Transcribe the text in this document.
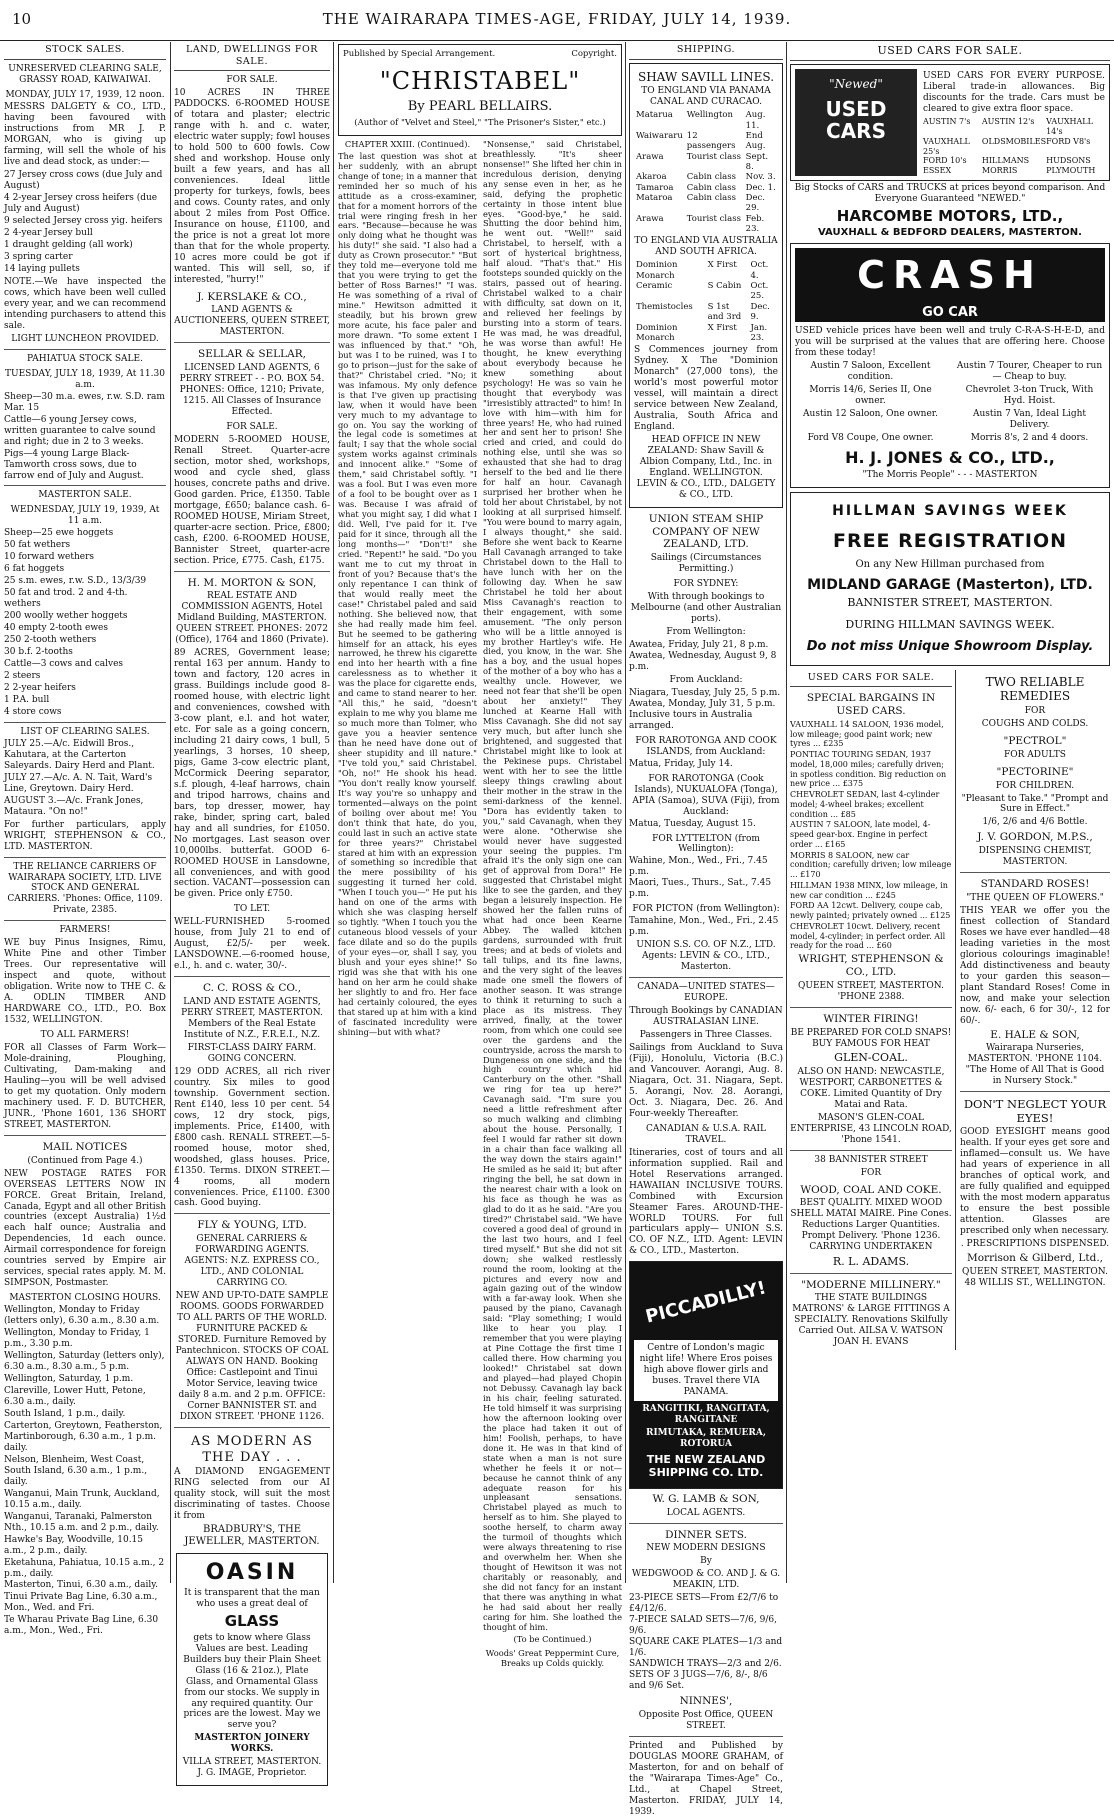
10	THE WAIRARAPA TIMES-AGE, FRIDAY, JULY 14, 1939.
STOCK SALES.
UNRESERVED CLEARING SALE, GRASSY ROAD, KAIWAIWAI.
MONDAY, JULY 17, 1939, 12 noon.
MESSRS DALGETY & CO., LTD., having been favoured with instructions from MR J. P. MORGAN, who is giving up farming, will sell the whole of his live and dead stock, as under:—
27 Jersey cross cows (due July and August)
4 2-year Jersey cross heifers (due July and August)
9 selected Jersey cross yig. heifers
2 4-year Jersey bull
1 draught gelding (all work)
3 spring carter
14 laying pullets
NOTE.—We have inspected the cows, which have been well culled every year, and we can recommend intending purchasers to attend this sale.
LIGHT LUNCHEON PROVIDED.
PAHIATUA STOCK SALE.
TUESDAY, JULY 18, 1939, At 11.30 a.m.
Sheep—30 m.a. ewes, r.w. S.D. ram Mar. 15
Cattle—6 young Jersey cows, written guarantee to calve sound and right; due in 2 to 3 weeks.
Pigs—4 young Large Black-Tamworth cross sows, due to farrow end of July and August.
MASTERTON SALE.
WEDNESDAY, JULY 19, 1939, At 11 a.m.
Sheep—25 ewe hoggets
50 fat wethers
10 forward wethers
6 fat hoggets
25 s.m. ewes, r.w. S.D., 13/3/39
50 fat and trod. 2 and 4-th. wethers
200 woolly wether hoggets
40 empty 2-tooth ewes
250 2-tooth wethers
30 b.f. 2-tooths
Cattle—3 cows and calves
2 steers
2 2-year heifers
1 P.A. bull
4 store cows
LIST OF CLEARING SALES.
JULY 25.—A/c. Eidwill Bros., Kahutara, at the Carterton Saleyards. Dairy Herd and Plant.
JULY 27.—A/c. A. N. Tait, Ward's Line, Greytown. Dairy Herd.
AUGUST 3.—A/c. Frank Jones, Mataura. "On no!"
For further particulars, apply WRIGHT, STEPHENSON & CO., LTD. MASTERTON.
THE RELIANCE CARRIERS OF WAIRARAPA SOCIETY, LTD. LIVE STOCK AND GENERAL CARRIERS. 'Phones: Office, 1109. Private, 2385.
FARMERS!
WE buy Pinus Insignes, Rimu, White Pine and other Timber Trees. Our representative will inspect and quote, without obligation. Write now to THE C. & A. ODLIN TIMBER AND HARDWARE CO., LTD., P.O. Box 1532, WELLINGTON.
TO ALL FARMERS!
FOR all Classes of Farm Work—Mole-draining, Ploughing, Cultivating, Dam-making and Hauling—you will be well advised to get my quotation. Only modern machinery used. F. D. BUTCHER, JUNR., 'Phone 1601, 136 SHORT STREET, MASTERTON.
MAIL NOTICES
(Continued from Page 4.)
NEW POSTAGE RATES FOR OVERSEAS LETTERS NOW IN FORCE. Great Britain, Ireland, Canada, Egypt and all other British countries (except Australia) 1½d each half ounce; Australia and Dependencies, 1d each ounce. Airmail correspondence for foreign countries served by Empire air services, special rates apply. M. M. SIMPSON, Postmaster.
MASTERTON CLOSING HOURS.
Wellington, Monday to Friday (letters only), 6.30 a.m., 8.30 a.m.
Wellington, Monday to Friday, 1 p.m., 3.30 p.m.
Wellington, Saturday (letters only), 6.30 a.m., 8.30 a.m., 5 p.m.
Wellington, Saturday, 1 p.m.
Clareville, Lower Hutt, Petone, 6.30 a.m., daily.
South Island, 1 p.m., daily.
Carterton, Greytown, Featherston, Martinborough, 6.30 a.m., 1 p.m. daily.
Nelson, Blenheim, West Coast, South Island, 6.30 a.m., 1 p.m., daily.
Wanganui, Main Trunk, Auckland, 10.15 a.m., daily.
Wanganui, Taranaki, Palmerston Nth., 10.15 a.m. and 2 p.m., daily.
Hawke's Bay, Woodville, 10.15 a.m., 2 p.m., daily.
Eketahuna, Pahiatua, 10.15 a.m., 2 p.m., daily.
Masterton, Tinui, 6.30 a.m., daily.
Tinui Private Bag Line, 6.30 a.m., Mon., Wed. and Fri.
Te Wharau Private Bag Line, 6.30 a.m., Mon., Wed., Fri.
LAND, DWELLINGS FOR SALE.
FOR SALE.
10 ACRES IN THREE PADDOCKS. 6-ROOMED HOUSE of totara and plaster; electric range with h. and c. water, electric water supply; fowl houses to hold 500 to 600 fowls. Cow shed and workshop. House only built a few years, and has all conveniences. Ideal little property for turkeys, fowls, bees and cows. County rates, and only about 2 miles from Post Office. Insurance on house, £1100, and the price is not a great lot more than that for the whole property. 10 acres more could be got if wanted. This will sell, so, if interested, "hurry!"
J. KERSLAKE & CO.,
LAND AGENTS & AUCTIONEERS, QUEEN STREET, MASTERTON.
SELLAR & SELLAR,
LICENSED LAND AGENTS, 6 PERRY STREET - - P.O. BOX 54. PHONES: Office, 1210; Private, 1215. All Classes of Insurance Effected.
FOR SALE.
MODERN 5-ROOMED HOUSE, Renall Street. Quarter-acre section, motor shed, workshops, wood and cycle shed, glass houses, concrete paths and drive. Good garden. Price, £1350. Table mortgage, £650; balance cash. 6-ROOMED HOUSE, Miriam Street, quarter-acre section. Price, £800; cash, £200. 6-ROOMED HOUSE, Bannister Street, quarter-acre section. Price, £775. Cash, £175.
H. M. MORTON & SON,
REAL ESTATE AND COMMISSION AGENTS, Hotel Midland Building, MASTERTON. QUEEN STREET. PHONES: 2072 (Office), 1764 and 1860 (Private).
89 ACRES, Government lease; rental 163 per annum. Handy to town and factory, 120 acres in grass. Buildings include good 8-roomed house, with electric light and conveniences, cowshed with 3-cow plant, e.l. and hot water, etc. For sale as a going concern, including 21 dairy cows, 1 bull, 5 yearlings, 3 horses, 10 sheep, pigs, Game 3-cow electric plant, McCormick Deering separator, s.f. plough, 4-leaf harrows, chain and tripod harrows, chains and bars, top dresser, mower, hay rake, binder, spring cart, baled hay and all sundries, for £1050. No mortgages. Last season over 10,000lbs. butterfat. GOOD 6-ROOMED HOUSE in Lansdowne, all conveniences, and with good section. VACANT—possession can be given. Price only £750.
TO LET.
WELL-FURNISHED 5-roomed house, from July 21 to end of August, £2/5/- per week. LANSDOWNE.—6-roomed house, e.l., h. and c. water, 30/-.
C. C. ROSS & CO.,
LAND AND ESTATE AGENTS, PERRY STREET, MASTERTON. Members of the Real Estate Institute of N.Z., F.R.E.I., N.Z.
FIRST-CLASS DAIRY FARM. GOING CONCERN.
129 ODD ACRES, all rich river country. Six miles to good township. Government section. Rent £140, less 10 per cent. 54 cows, 12 dry stock, pigs, implements. Price, £1400, with £800 cash. RENALL STREET.—5-roomed house, motor shed, woodshed, glass houses. Price, £1350. Terms. DIXON STREET.—4 rooms, all modern conveniences. Price, £1100. £300 cash. Good buying.
FLY & YOUNG, LTD.
GENERAL CARRIERS & FORWARDING AGENTS. AGENTS: N.Z. EXPRESS CO., LTD., AND COLONIAL CARRYING CO.
NEW AND UP-TO-DATE SAMPLE ROOMS. GOODS FORWARDED TO ALL PARTS OF THE WORLD. FURNITURE PACKED & STORED. Furniture Removed by Pantechnicon. STOCKS OF COAL ALWAYS ON HAND. Booking Office: Castlepoint and Tinui Motor Service, leaving twice daily 8 a.m. and 2 p.m. OFFICE: Corner BANNISTER ST. and DIXON STREET. 'PHONE 1126.
AS MODERN AS THE DAY . . .
A DIAMOND ENGAGEMENT RING selected from our AI quality stock, will suit the most discriminating of tastes. Choose it from
BRADBURY'S, THE JEWELLER, MASTERTON.
OASIN
It is transparent that the man who uses a great deal of
GLASS
gets to know where Glass Values are best. Leading Builders buy their Plain Sheet Glass (16 & 21oz.), Plate Glass, and Ornamental Glass from our stocks. We supply in any required quantity. Our prices are the lowest. May we serve you?
MASTERTON JOINERY WORKS.
VILLA STREET, MASTERTON. J. G. IMAGE, Proprietor.
Published by Special Arrangement.	Copyright.
"CHRISTABEL"
By PEARL BELLAIRS.
(Author of "Velvet and Steel," "The Prisoner's Sister," etc.)
CHAPTER XXIII. (Continued).
The last question was shot at her suddenly, with an abrupt change of tone; in a manner that reminded her so much of his attitude as a cross-examiner, that for a moment horrors of the trial were ringing fresh in her ears. "Because—because he was only doing what he thought was his duty!" she said. "I also had a duty as Crown prosecutor." "But they told me—everyone told me that you were trying to get the better of Ross Barnes!" "I was. He was something of a rival of mine." Hewitson admitted it steadily, but his brown grew more acute, his face paler and more drawn. "To some extent I was influenced by that." "Oh, but was I to be ruined, was I to go to prison—just for the sake of that?" Christabel cried. "No; it was infamous. My only defence is that I've given up practising law, when it would have been very much to my advantage to go on. You say the working of the legal code is sometimes at fault; I say that the whole social system works against criminals and innocent alike." "Some of them," said Christabel softly. "I was a fool. But I was even more of a fool to be bought over as I was. Because I was afraid of what you might say, I did what I did. Well, I've paid for it. I've paid for it since, through all the long months—" "Don't!" she cried. "Repent!" he said. "Do you want me to cut my throat in front of you? Because that's the only repentance I can think of that would really meet the case!" Christabel paled and said nothing. She believed now, that she had really made him feel. But he seemed to be gathering himself for an attack, his eyes narrowed, he threw his cigarette end into her hearth with a fine carelessness as to whether it was the place for cigarette ends, and came to stand nearer to her. "All this," he said, "doesn't explain to me why you blame me so much more than Tolmer, who gave you a heavier sentence than he need have done out of sheer stupidity and ill nature." "I've told you," said Christabel. "Oh, no!" He shook his head. "You don't really know yourself. It's way you're so unhappy and tormented—always on the point of boiling over about me! You don't think that hate, do you, could last in such an active state for three years?" Christabel stared at him with an expression of something so incredible that the mere possibility of his suggesting it turned her cold. "When I touch you—" He put his hand on one of the arms with which she was clasping herself so tightly. "When I touch you the cutaneous blood vessels of your face dilate and so do the pupils of your eyes—or, shall I say, you blush and your eyes shine!" So rigid was she that with his one hand on her arm he could shake her slightly to and fro. Her face had certainly coloured, the eyes that stared up at him with a kind of fascinated incredulity were shining—but with what?
"Nonsense," said Christabel, breathlessly. "It's sheer nonsense!" She lifted her chin in incredulous derision, denying any sense even in her, as he said, defying the prophetic certainty in those intent blue eyes. "Good-bye," he said. Shutting the door behind him, he went out. "Well!" said Christabel, to herself, with a sort of hysterical brightness, half aloud. "That's that." His footsteps sounded quickly on the stairs, passed out of hearing. Christabel walked to a chair with difficulty, sat down on it, and relieved her feelings by bursting into a storm of tears. He was mad, he was dreadful, he was worse than awful! He thought, he knew everything about everybody because he knew something about psychology! He was so vain he thought that everybody was "irresistibly attracted" to him! In love with him—with him for three years! He, who had ruined her and sent her to prison! She cried and cried, and could do nothing else, until she was so exhausted that she had to drag herself to the bed and lie there for half an hour. Cavanagh surprised her brother when he told her about Christabel, by not looking at all surprised himself. "You were bound to marry again, I always thought," she said. Before she went back to Kearne Hall Cavanagh arranged to take Christabel down to the Hall to have lunch with her on the following day. When he saw Christabel he told her about Miss Cavanagh's reaction to their engagement, with some amusement. "The only person who will be a little annoyed is my brother Hartley's wife. He died, you know, in the war. She has a boy, and the usual hopes of the mother of a boy who has a wealthy uncle. However, we need not fear that she'll be open about her anxiety!" They lunched at Kearne Hall with Miss Cavanagh. She did not say very much, but after lunch she brightened, and suggested that Christabel might like to look at the Pekinese pups. Christabel went with her to see the little sleepy things crawling about their mother in the straw in the semi-darkness of the kennel. "Dora has evidently taken to you," said Cavanagh, when they were alone. "Otherwise she would never have suggested your seeing the puppies. I'm afraid it's the only sign one can get of approval from Dora!" He suggested that Christabel might like to see the garden, and they began a leisurely inspection. He showed her the fallen ruins of what had once been Kearne Abbey. The walled kitchen gardens, surrounded with fruit trees; and at beds of violets and tall tulips, and its fine lawns, and the very sight of the leaves made one smell the flowers of another season. It was strange to think it returning to such a place as its mistress. They arrived, finally, at the tower room, from which one could see over the gardens and the countryside, across the marsh to Dungeness on one side, and the high country which hid Canterbury on the other. "Shall we ring for tea up here?" Cavanagh said. "I'm sure you need a little refreshment after so much walking and climbing about the house. Personally, I feel I would far rather sit down in a chair than face walking all the way down the stairs again!" He smiled as he said it; but after ringing the bell, he sat down in the nearest chair with a look on his face as though he was as glad to do it as he said. "Are you tired?" Christabel said. "We have covered a good deal of ground in the last two hours, and I feel tired myself." But she did not sit down; she walked restlessly round the room, looking at the pictures and every now and again gazing out of the window with a far-away look. When she paused by the piano, Cavanagh said: "Play something; I would like to hear you play. I remember that you were playing at Pine Cottage the first time I called there. How charming you looked!" Christabel sat down and played—had played Chopin not Debussy. Cavanagh lay back in his chair, feeling saturated. He told himself it was surprising how the afternoon looking over the place had taken it out of him! Foolish, perhaps, to have done it. He was in that kind of state when a man is not sure whether he feels it or not—because he cannot think of any adequate reason for his unpleasant sensations. Christabel played as much to herself as to him. She played to soothe herself, to charm away the turmoil of thoughts which were always threatening to rise and overwhelm her. When she thought of Hewitson it was not charitably or reasonably, and she did not fancy for an instant that there was anything in what he had said about her really caring for him. She loathed the thought of him.
(To be Continued.)
Woods' Great Peppermint Cure, Breaks up Colds quickly.
SHIPPING.
SHAW SAVILL LINES.
TO ENGLAND VIA PANAMA CANAL AND CURACAO.
Matarua	Wellington	Aug. 11.
Waiwararu	12 passengers	End Aug.
Arawa	Tourist class	Sept. 8.
Akaroa	Cabin class	Nov. 3.
Tamaroa	Cabin class	Dec. 1.
Mataroa	Cabin class	Dec. 29.
Arawa	Tourist class	Feb. 23.
TO ENGLAND VIA AUSTRALIA AND SOUTH AFRICA.
Dominion Monarch	X First	Oct. 4.
Ceramic	S Cabin	Oct. 25.
Themistocles	S 1st and 3rd	Dec. 9.
Dominion Monarch	X First	Jan. 23.
S Commences journey from Sydney. X The "Dominion Monarch" (27,000 tons), the world's most powerful motor vessel, will maintain a direct service between New Zealand, Australia, South Africa and England.
HEAD OFFICE IN NEW ZEALAND: Shaw Savill & Albion Company, Ltd., Inc. in England. WELLINGTON. LEVIN & CO., LTD., DALGETY & CO., LTD.
UNION STEAM SHIP COMPANY OF NEW ZEALAND, LTD.
Sailings (Circumstances Permitting.)
FOR SYDNEY:
With through bookings to Melbourne (and other Australian ports).
From Wellington:
Awatea, Friday, July 21, 8 p.m.
Awatea, Wednesday, August 9, 8 p.m.
From Auckland:
Niagara, Tuesday, July 25, 5 p.m.
Awatea, Monday, July 31, 5 p.m.
Inclusive tours in Australia arranged.
FOR RAROTONGA AND COOK ISLANDS, from Auckland:
Matua, Friday, July 14.
FOR RAROTONGA (Cook Islands), NUKUALOFA (Tonga), APIA (Samoa), SUVA (Fiji), from Auckland:
Matua, Tuesday, August 15.
FOR LYTTELTON (from Wellington):
Wahine, Mon., Wed., Fri., 7.45 p.m.
Maori, Tues., Thurs., Sat., 7.45 p.m.
FOR PICTON (from Wellington):
Tamahine, Mon., Wed., Fri., 2.45 p.m.
UNION S.S. CO. OF N.Z., LTD. Agents: LEVIN & CO., LTD., Masterton.
CANADA—UNITED STATES—EUROPE.
Through Bookings by CANADIAN AUSTRALASIAN LINE.
Passengers in Three Classes.
Sailings from Auckland to Suva (Fiji), Honolulu, Victoria (B.C.) and Vancouver. Aorangi, Aug. 8. Niagara, Oct. 31. Niagara, Sept. 5. Aorangi, Nov. 28. Aorangi, Oct. 3. Niagara, Dec. 26. And Four-weekly Thereafter.
CANADIAN & U.S.A. RAIL TRAVEL.
Itineraries, cost of tours and all information supplied. Rail and Hotel Reservations arranged. HAWAIIAN INCLUSIVE TOURS. Combined with Excursion Steamer Fares. AROUND-THE-WORLD TOURS. For full particulars apply— UNION S.S. CO. OF N.Z., LTD. Agent: LEVIN & CO., LTD., Masterton.
PICCADILLY!
Centre of London's magic night life! Where Eros poises high above flower girls and buses. Travel there VIA PANAMA.
RANGITIKI, RANGITATA, RANGITANE
RIMUTAKA, REMUERA, ROTORUA
THE NEW ZEALAND SHIPPING CO. LTD.
W. G. LAMB & SON,
LOCAL AGENTS.
DINNER SETS.
NEW MODERN DESIGNS
By
WEDGWOOD & CO. AND J. & G. MEAKIN, LTD.
23-PIECE SETS—From £2/7/6 to £4/12/6.
7-PIECE SALAD SETS—7/6, 9/6, 9/6.
SQUARE CAKE PLATES—1/3 and 1/6.
SANDWICH TRAYS—2/3 and 2/6.
SETS OF 3 JUGS—7/6, 8/-, 8/6 and 9/6 Set.
NINNES',
Opposite Post Office, QUEEN STREET.
Printed and Published by DOUGLAS MOORE GRAHAM, of Masterton, for and on behalf of the "Wairarapa Times-Age" Co., Ltd., at Chapel Street, Masterton. FRIDAY, JULY 14, 1939.
USED CARS FOR SALE.
"Newed"
USED CARS
USED CARS FOR EVERY PURPOSE. Liberal trade-in allowances. Big discounts for the trade. Cars must be cleared to give extra floor space.
AUSTIN 7's	AUSTIN 12's	VAUXHALL 14's
VAUXHALL 25's
OLDSMOBILES FORD V8's
FORD 10's	HILLMANS	HUDSONS
ESSEX	MORRIS	PLYMOUTH
Big Stocks of CARS and TRUCKS at prices beyond comparison. And Everyone Guaranteed "NEWED."
HARCOMBE MOTORS, LTD.,
VAUXHALL & BEDFORD DEALERS, MASTERTON.
CRASH
GO CAR
USED vehicle prices have been well and truly C-R-A-S-H-E-D, and you will be surprised at the values that are offering here. Choose from these today!
Austin 7 Saloon, Excellent condition.
Austin 7 Tourer, Cheaper to run— Cheap to buy.
Morris 14/6, Series II, One owner.
Chevrolet 3-ton Truck, With Hyd. Hoist.
Austin 12 Saloon, One owner.	Austin 7 Van, Ideal Light Delivery.
Ford V8 Coupe, One owner.	Morris 8's, 2 and 4 doors.
H. J. JONES & CO., LTD.,
"The Morris People" - - - MASTERTON
HILLMAN SAVINGS WEEK
FREE REGISTRATION
On any New Hillman purchased from
MIDLAND GARAGE (Masterton), LTD.
BANNISTER STREET, MASTERTON.
DURING HILLMAN SAVINGS WEEK.
Do not miss Unique Showroom Display.
USED CARS FOR SALE.
SPECIAL BARGAINS IN USED CARS.
VAUXHALL 14 SALOON, 1936 model, low mileage; good paint work; new tyres ... £235
PONTIAC TOURING SEDAN, 1937 model, 18,000 miles; carefully driven; in spotless condition. Big reduction on new price ... £375
CHEVROLET SEDAN, last 4-cylinder model; 4-wheel brakes; excellent condition ... £85
AUSTIN 7 SALOON, late model, 4-speed gear-box. Engine in perfect order ... £165
MORRIS 8 SALOON, new car condition; carefully driven; low mileage ... £170
HILLMAN 1938 MINX, low mileage, in new car condition ... £245
FORD AA 12cwt. Delivery, coupe cab, newly painted; privately owned ... £125
CHEVROLET 10cwt. Delivery, recent model, 4-cylinder; in perfect order. All ready for the road ... £60
WRIGHT, STEPHENSON & CO., LTD.
QUEEN STREET, MASTERTON. 'PHONE 2388.
WINTER FIRING!
BE PREPARED FOR COLD SNAPS! BUY FAMOUS FOR HEAT
GLEN-COAL.
ALSO ON HAND: NEWCASTLE, WESTPORT, CARBONETTES & COKE. Limited Quantity of Dry Matai and Rata.
MASON'S GLEN-COAL ENTERPRISE, 43 LINCOLN ROAD, 'Phone 1541.
38 BANNISTER STREET
FOR
WOOD, COAL AND COKE.
BEST QUALITY. MIXED WOOD SHELL MATAI MAIRE. Pine Cones. Reductions Larger Quantities. Prompt Delivery. 'Phone 1236. CARRYING UNDERTAKEN
R. L. ADAMS.
"MODERNE MILLINERY."
THE STATE BUILDINGS MATRONS' & LARGE FITTINGS A SPECIALTY. Renovations Skilfully Carried Out. AILSA V. WATSON JOAN H. EVANS
TWO RELIABLE REMEDIES
FOR
COUGHS AND COLDS.
"PECTROL"
FOR ADULTS
"PECTORINE"
FOR CHILDREN.
"Pleasant to Take." "Prompt and Sure in Effect."
1/6, 2/6 and 4/6 Bottle.
J. V. GORDON, M.P.S.,
DISPENSING CHEMIST, MASTERTON.
STANDARD ROSES!
"THE QUEEN OF FLOWERS."
THIS YEAR we offer you the finest collection of Standard Roses we have ever handled—48 leading varieties in the most glorious colourings imaginable! Add distinctiveness and beauty to your garden this season—plant Standard Roses! Come in now, and make your selection now. 6/- each, 6 for 30/-, 12 for 60/-.
E. HALE & SON,
Wairarapa Nurseries, MASTERTON. 'PHONE 1104. "The Home of All That is Good in Nursery Stock."
DON'T NEGLECT YOUR EYES!
GOOD EYESIGHT means good health. If your eyes get sore and inflamed—consult us. We have had years of experience in all branches of optical work, and are fully qualified and equipped with the most modern apparatus to ensure the best possible attention. Glasses are prescribed only when necessary.
. PRESCRIPTIONS DISPENSED.
Morrison & Gilberd, Ltd.,
QUEEN STREET, MASTERTON. 48 WILLIS ST., WELLINGTON.
